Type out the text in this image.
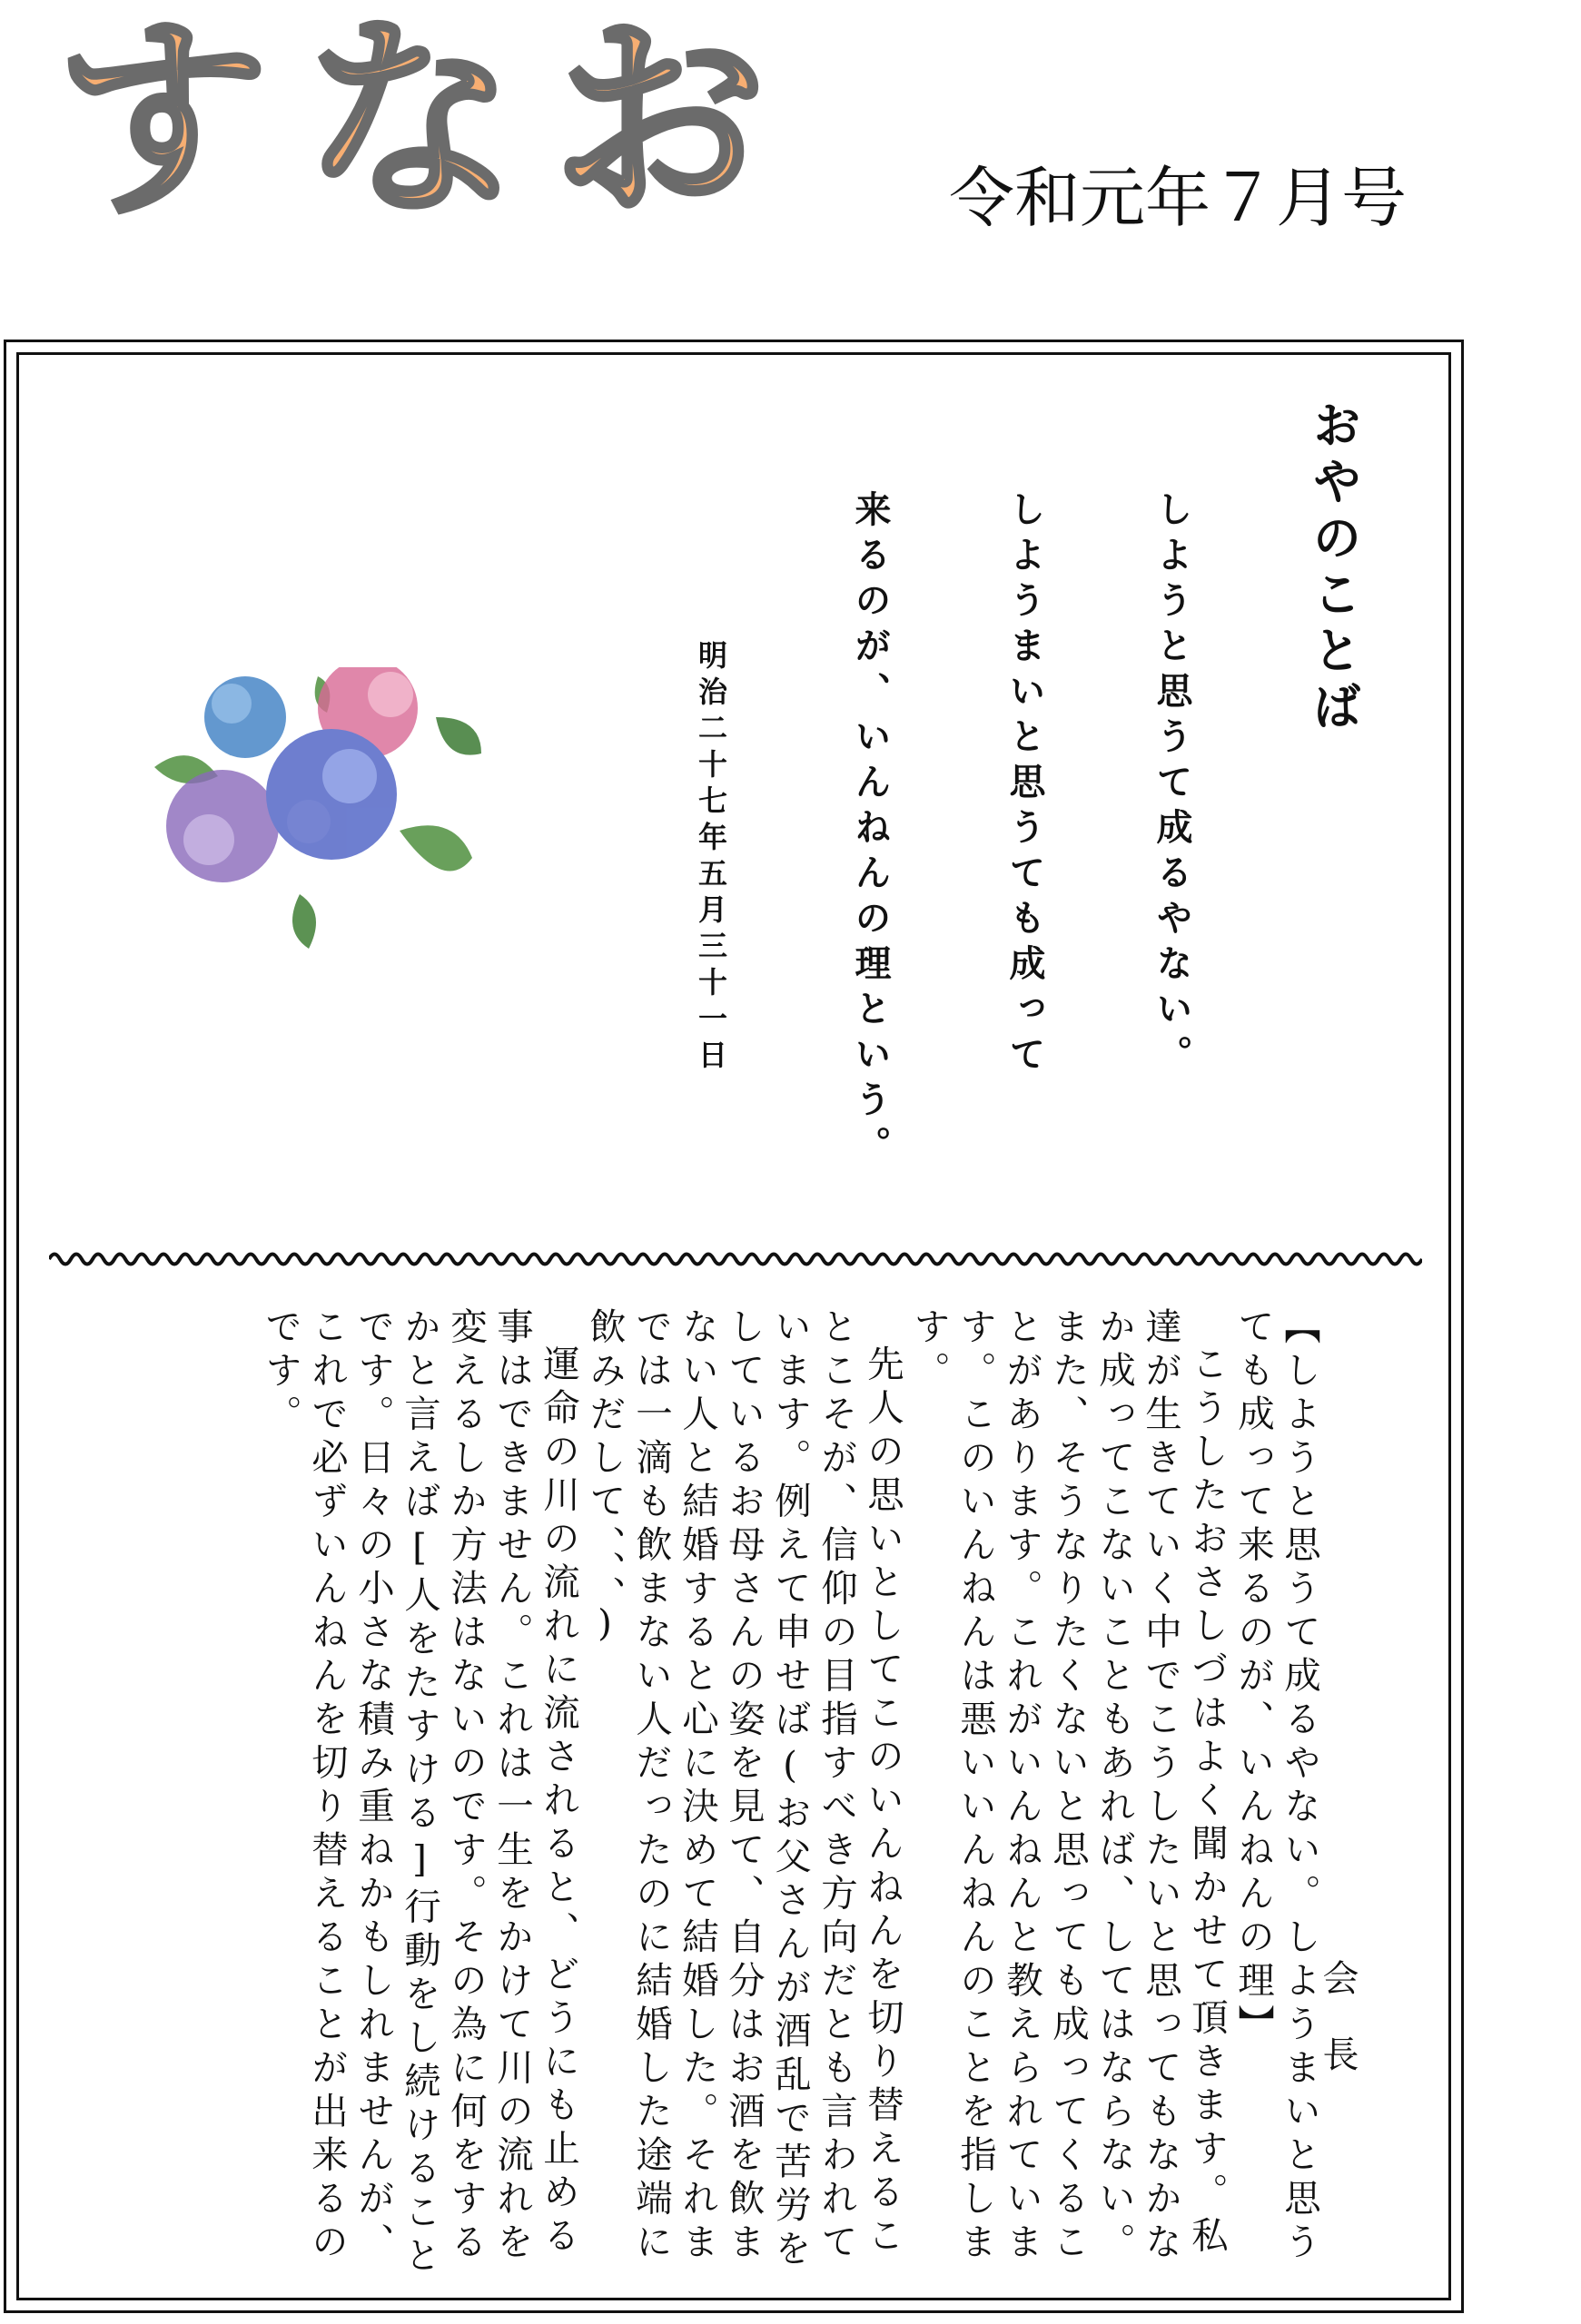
すなお 令和元年７月号
おやのことば
しようと思うて成るやない。
しようまいと思うても成って
来るのが、いんねんの理という。
明治二十七年五月三十一日
会長

【しようと思うて成るやない。しようまいと思うても成って来るのが、いんねんの理】

こうしたおさしづはよく聞かせて頂きます。私達が生きていく中でこうしたいと思ってもなかなか成ってこないこともあれば、してはならない。また、そうなりたくないと思っても成ってくることがあります。これがいんねんと教えられています。このいんねんは悪いいんねんのことを指します。

先人の思いとしてこのいんねんを切り替えることこそが、信仰の目指すべき方向だとも言われています。例えて申せば(お父さんが酒乱で苦労をしているお母さんの姿を見て、自分はお酒を飲まない人と結婚すると心に決めて結婚した。それまでは一滴も飲まない人だったのに結婚した途端に飲みだして、、、)

運命の川の流れに流されると、どうにも止める事はできません。これは一生をかけて川の流れを変えるしか方法はないのです。その為に何をするかと言えば[人をたすける]行動をし続けることです。日々の小さな積み重ねかもしれませんが、これで必ずいんねんを切り替えることが出来るのです。
